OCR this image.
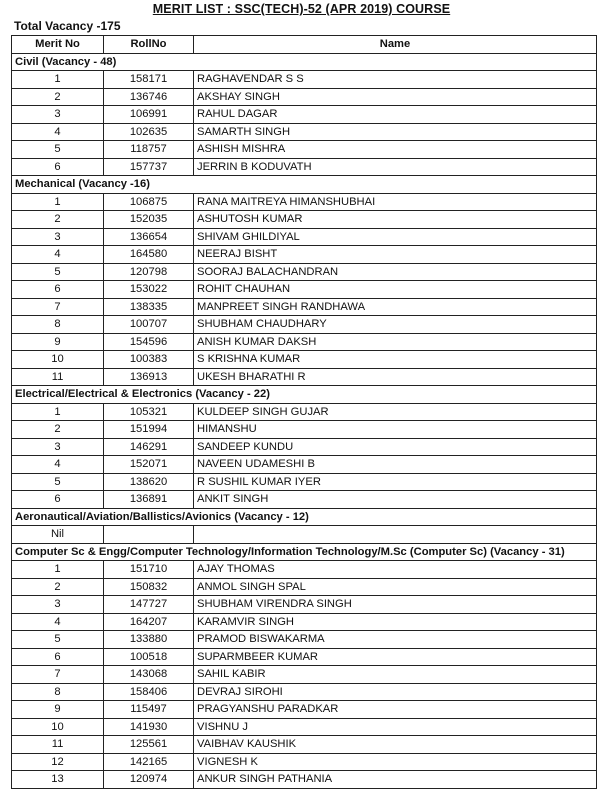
MERIT LIST : SSC(TECH)-52 (APR 2019) COURSE
Total Vacancy -175
Merit No	RollNo	Name
Civil (Vacancy - 48)		
1	158171	RAGHAVENDAR S S
2	136746	AKSHAY SINGH
3	106991	RAHUL DAGAR
4	102635	SAMARTH SINGH
5	118757	ASHISH MISHRA
6	157737	JERRIN B KODUVATH
Mechanical (Vacancy -16)		
1	106875	RANA MAITREYA HIMANSHUBHAI
2	152035	ASHUTOSH KUMAR
3	136654	SHIVAM GHILDIYAL
4	164580	NEERAJ BISHT
5	120798	SOORAJ BALACHANDRAN
6	153022	ROHIT CHAUHAN
7	138335	MANPREET SINGH RANDHAWA
8	100707	SHUBHAM CHAUDHARY
9	154596	ANISH KUMAR DAKSH
10	100383	S KRISHNA KUMAR
11	136913	UKESH BHARATHI R
Electrical/Electrical & Electronics (Vacancy - 22)		
1	105321	KULDEEP SINGH GUJAR
2	151994	HIMANSHU
3	146291	SANDEEP KUNDU
4	152071	NAVEEN UDAMESHI B
5	138620	R SUSHIL KUMAR IYER
6	136891	ANKIT SINGH
Aeronautical/Aviation/Ballistics/Avionics (Vacancy - 12)		
Nil		
Computer Sc & Engg/Computer Technology/Information Technology/M.Sc (Computer Sc) (Vacancy - 31)		
1	151710	AJAY THOMAS
2	150832	ANMOL SINGH SPAL
3	147727	SHUBHAM VIRENDRA SINGH
4	164207	KARAMVIR SINGH
5	133880	PRAMOD BISWAKARMA
6	100518	SUPARMBEER KUMAR
7	143068	SAHIL KABIR
8	158406	DEVRAJ SIROHI
9	115497	PRAGYANSHU PARADKAR
10	141930	VISHNU J
11	125561	VAIBHAV KAUSHIK
12	142165	VIGNESH K
13	120974	ANKUR SINGH PATHANIA
